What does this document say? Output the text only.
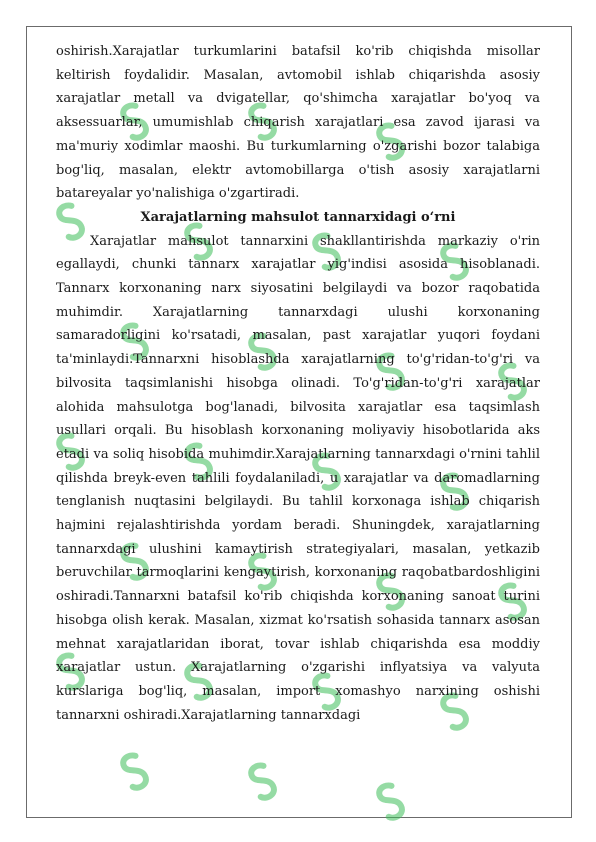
oshirish.Xarajatlar turkumlarini batafsil ko'rib chiqishda misollar keltirish foydalidir. Masalan, avtomobil ishlab chiqarishda asosiy xarajatlar metall va dvigatellar, qo'shimcha xarajatlar bo'yoq va aksessuarlar, umumishlab chiqarish xarajatlari esa zavod ijarasi va ma'muriy xodimlar maoshi. Bu turkumlarning o'zgarishi bozor talabiga bog'liq, masalan, elektr avtomobillarga o'tish asosiy xarajatlarni batareyalar yo'nalishiga o'zgartiradi.

Xarajatlarning mahsulot tannarxidagi o‘rni

Xarajatlar mahsulot tannarxini shakllantirishda markaziy o'rin egallaydi, chunki tannarx xarajatlar yig'indisi asosida hisoblanadi. Tannarx korxonaning narx siyosatini belgilaydi va bozor raqobatida muhimdir. Xarajatlarning tannarxdagi ulushi korxonaning samaradorligini ko'rsatadi, masalan, past xarajatlar yuqori foydani ta'minlaydi.Tannarxni hisoblashda xarajatlarning to'g'ridan-to'g'ri va bilvosita taqsimlanishi hisobga olinadi. To'g'ridan-to'g'ri xarajatlar alohida mahsulotga bog'lanadi, bilvosita xarajatlar esa taqsimlash usullari orqali. Bu hisoblash korxonaning moliyaviy hisobotlarida aks etadi va soliq hisobida muhimdir.Xarajatlarning tannarxdagi o'rnini tahlil qilishda breyk-even tahlili foydalaniladi, u xarajatlar va daromadlarning tenglanish nuqtasini belgilaydi. Bu tahlil korxonaga ishlab chiqarish hajmini rejalashtirishda yordam beradi. Shuningdek, xarajatlarning tannarxdagi ulushini kamaytirish strategiyalari, masalan, yetkazib beruvchilar tarmoqlarini kengaytirish, korxonaning raqobatbardoshligini oshiradi.Tannarxni batafsil ko'rib chiqishda korxonaning sanoat turini hisobga olish kerak. Masalan, xizmat ko'rsatish sohasida tannarx asosan mehnat xarajatlaridan iborat, tovar ishlab chiqarishda esa moddiy xarajatlar ustun. Xarajatlarning o'zgarishi inflyatsiya va valyuta kurslariga bog'liq, masalan, import xomashyo narxining oshishi tannarxni oshiradi.Xarajatlarning tannarxdagi
